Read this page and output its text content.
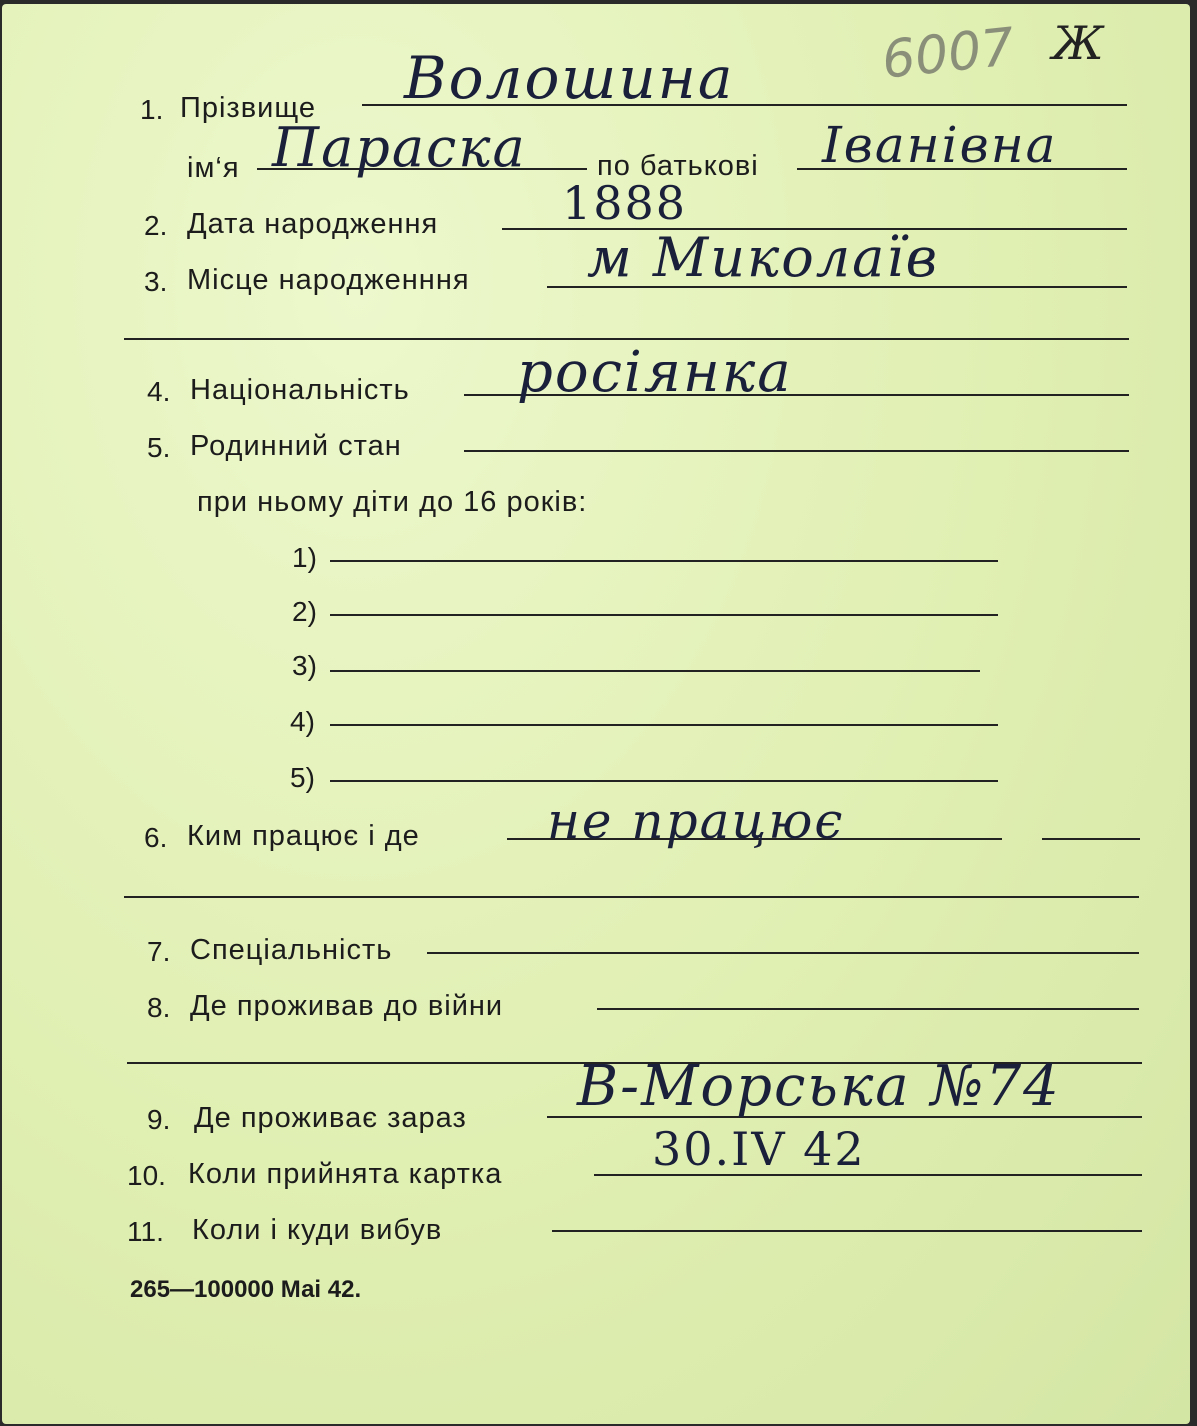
6007 Ж
1. Прізвище Волошина
ім‘я Параска по батькові Іванівна
2. Дата народження	1888
3. Місце народженння м Миколаїв
4. Національність росіянка
5. Родинний стан
при ньому діти до 16 років:
1)
2)
3)
4)
5)
6. Ким працює і де	не працює
7. Спеціальність
8. Де проживав до війни
9. Де проживає зараз В-Морська №74
10. Коли прийнята картка	30.IV 42
11. Коли і куди вибув
265—100000 Маі 42.
